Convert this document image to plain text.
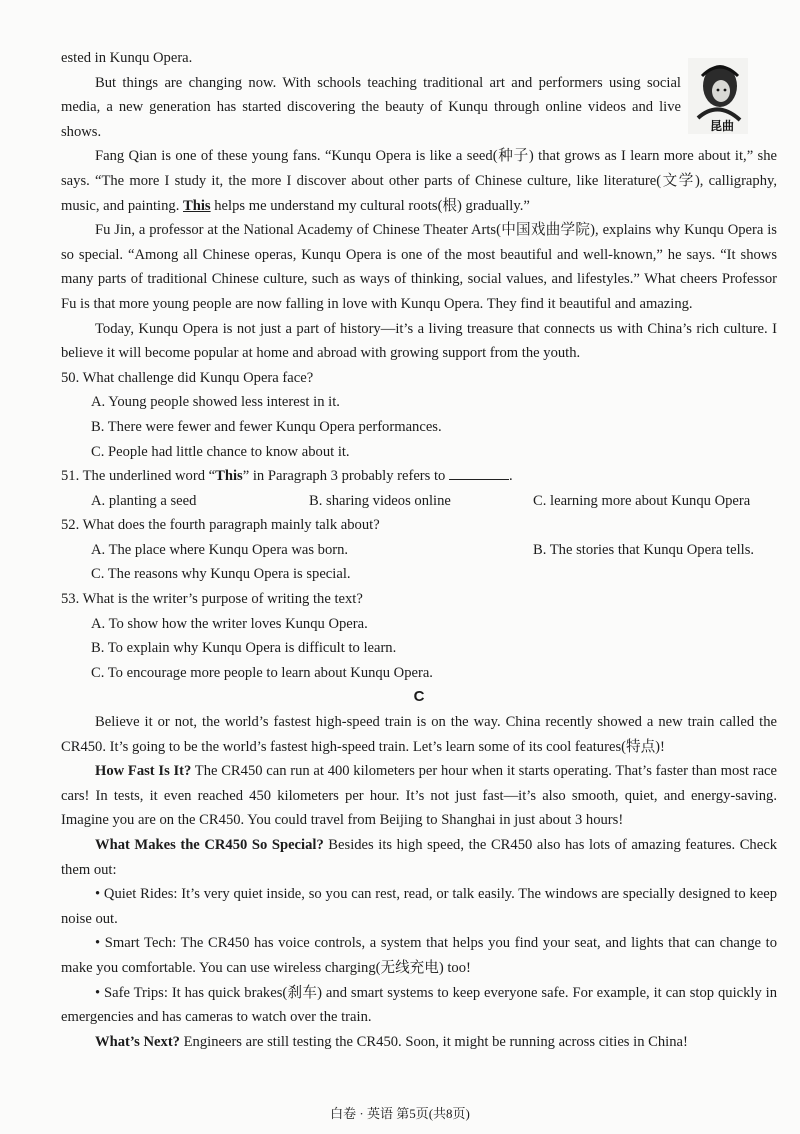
昆曲

ested in Kunqu Opera.

But things are changing now. With schools teaching traditional art and performers using social media, a new generation has started discovering the beauty of Kunqu through online videos and live shows.

Fang Qian is one of these young fans. “Kunqu Opera is like a seed(种子) that grows as I learn more about it,” she says. “The more I study it, the more I discover about other parts of Chinese culture, like literature(文学), calligraphy, music, and painting. This helps me understand my cultural roots(根) gradually.”

Fu Jin, a professor at the National Academy of Chinese Theater Arts(中国戏曲学院), explains why Kunqu Opera is so special. “Among all Chinese operas, Kunqu Opera is one of the most beautiful and well-known,” he says. “It shows many parts of traditional Chinese culture, such as ways of thinking, social values, and lifestyles.” What cheers Professor Fu is that more young people are now falling in love with Kunqu Opera. They find it beautiful and amazing.

Today, Kunqu Opera is not just a part of history—it’s a living treasure that connects us with China’s rich culture. I believe it will become popular at home and abroad with growing support from the youth.

50. What challenge did Kunqu Opera face?

A. Young people showed less interest in it.

B. There were fewer and fewer Kunqu Opera performances.

C. People had little chance to know about it.

51. The underlined word “This” in Paragraph 3 probably refers to	.

A. planting a seed	B. sharing videos online	C. learning more about Kunqu Opera

52. What does the fourth paragraph mainly talk about?

A. The place where Kunqu Opera was born.	B. The stories that Kunqu Opera tells.

C. The reasons why Kunqu Opera is special.

53. What is the writer’s purpose of writing the text?

A. To show how the writer loves Kunqu Opera.

B. To explain why Kunqu Opera is difficult to learn.

C. To encourage more people to learn about Kunqu Opera.

C

Believe it or not, the world’s fastest high-speed train is on the way. China recently showed a new train called the CR450. It’s going to be the world’s fastest high-speed train. Let’s learn some of its cool features(特点)!

How Fast Is It? The CR450 can run at 400 kilometers per hour when it starts operating. That’s faster than most race cars! In tests, it even reached 450 kilometers per hour. It’s not just fast—it’s also smooth, quiet, and energy-saving. Imagine you are on the CR450. You could travel from Beijing to Shanghai in just about 3 hours!

What Makes the CR450 So Special? Besides its high speed, the CR450 also has lots of amazing features. Check them out:

• Quiet Rides: It’s very quiet inside, so you can rest, read, or talk easily. The windows are specially designed to keep noise out.

• Smart Tech: The CR450 has voice controls, a system that helps you find your seat, and lights that can change to make you comfortable. You can use wireless charging(无线充电) too!

• Safe Trips: It has quick brakes(刹车) and smart systems to keep everyone safe. For example, it can stop quickly in emergencies and has cameras to watch over the train.

What’s Next? Engineers are still testing the CR450. Soon, it might be running across cities in China!

白卷 · 英语 第5页(共8页)
